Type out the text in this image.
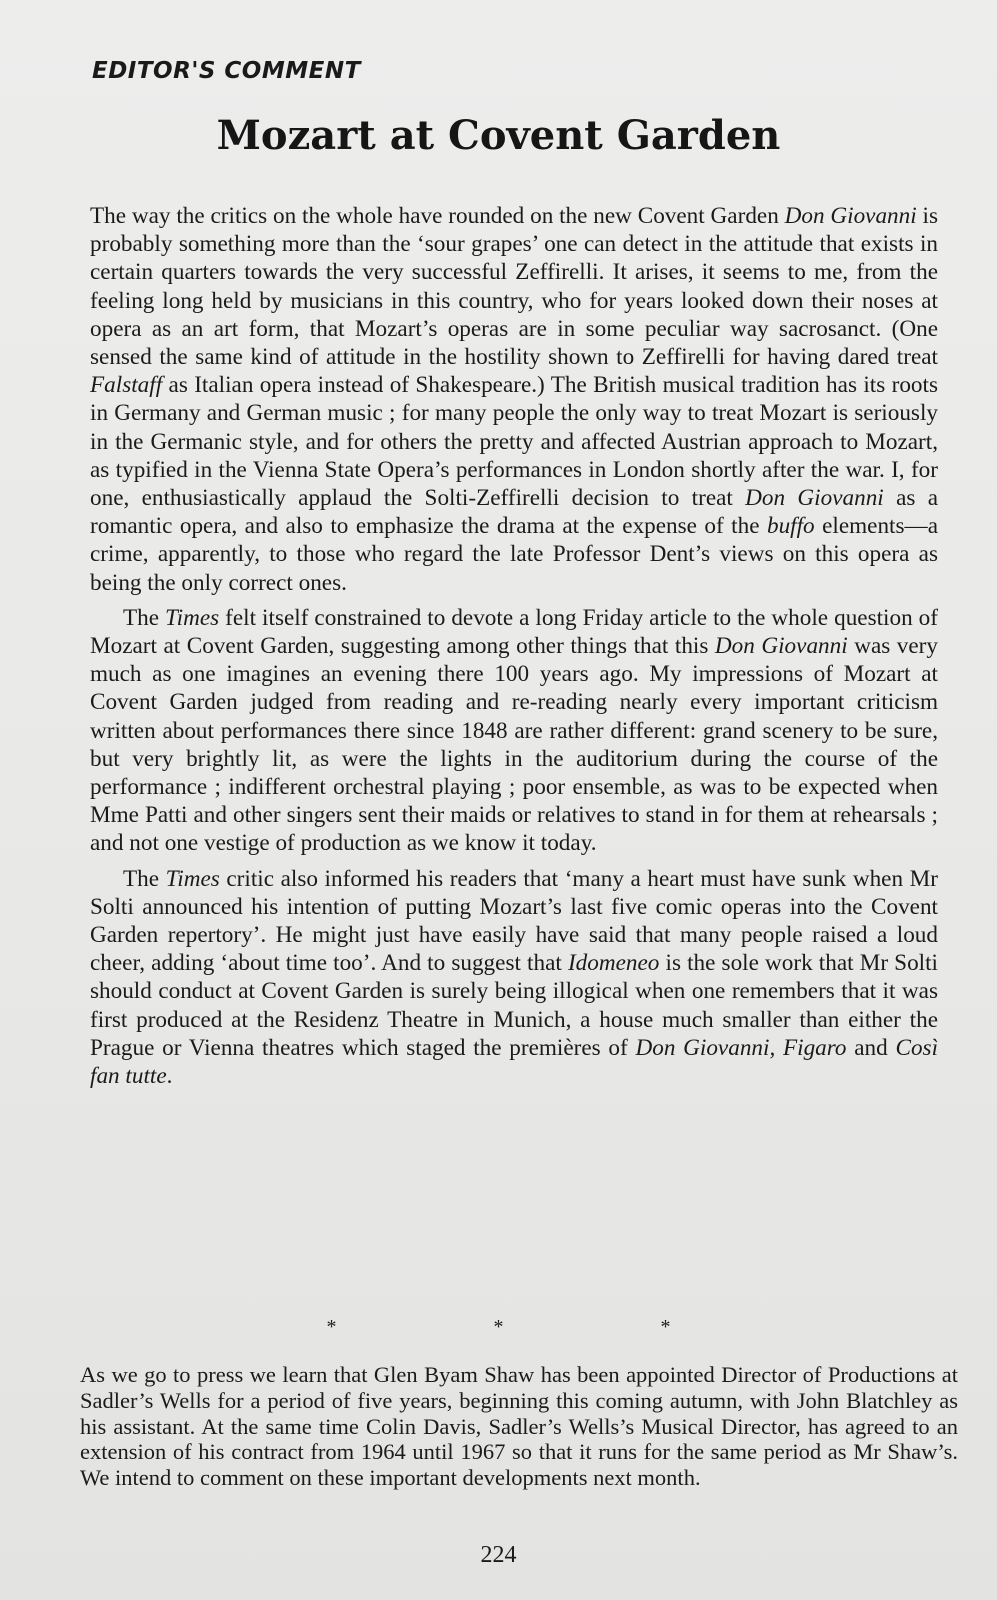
EDITOR'S COMMENT
Mozart at Covent Garden

The way the critics on the whole have rounded on the new Covent Garden Don Giovanni is probably something more than the ‘sour grapes’ one can detect in the attitude that exists in certain quarters towards the very successful Zeffirelli. It arises, it seems to me, from the feeling long held by musicians in this country, who for years looked down their noses at opera as an art form, that Mozart’s operas are in some peculiar way sacrosanct. (One sensed the same kind of attitude in the hostility shown to Zeffirelli for having dared treat Falstaff as Italian opera instead of Shakespeare.) The British musical tradition has its roots in Germany and German music ; for many people the only way to treat Mozart is seriously in the Germanic style, and for others the pretty and affected Austrian approach to Mozart, as typified in the Vienna State Opera’s performances in London shortly after the war. I, for one, enthusiastically applaud the Solti-Zeffirelli decision to treat Don Giovanni as a romantic opera, and also to emphasize the drama at the expense of the buffo elements—a crime, apparently, to those who regard the late Professor Dent’s views on this opera as being the only correct ones.

The Times felt itself constrained to devote a long Friday article to the whole question of Mozart at Covent Garden, suggesting among other things that this Don Giovanni was very much as one imagines an evening there 100 years ago. My impressions of Mozart at Covent Garden judged from reading and re-reading nearly every important criticism written about performances there since 1848 are rather different: grand scenery to be sure, but very brightly lit, as were the lights in the auditorium during the course of the performance ; indifferent orchestral playing ; poor ensemble, as was to be expected when Mme Patti and other singers sent their maids or relatives to stand in for them at rehearsals ; and not one vestige of production as we know it today.

The Times critic also informed his readers that ‘many a heart must have sunk when Mr Solti announced his intention of putting Mozart’s last five comic operas into the Covent Garden repertory’. He might just have easily have said that many people raised a loud cheer, adding ‘about time too’. And to suggest that Idomeneo is the sole work that Mr Solti should conduct at Covent Garden is surely being illogical when one remembers that it was first produced at the Residenz Theatre in Munich, a house much smaller than either the Prague or Vienna theatres which staged the premières of Don Giovanni, Figaro and Così fan tutte.

* * *

As we go to press we learn that Glen Byam Shaw has been appointed Director of Productions at Sadler’s Wells for a period of five years, beginning this coming autumn, with John Blatchley as his assistant. At the same time Colin Davis, Sadler’s Wells’s Musical Director, has agreed to an extension of his contract from 1964 until 1967 so that it runs for the same period as Mr Shaw’s. We intend to comment on these important developments next month.

224
